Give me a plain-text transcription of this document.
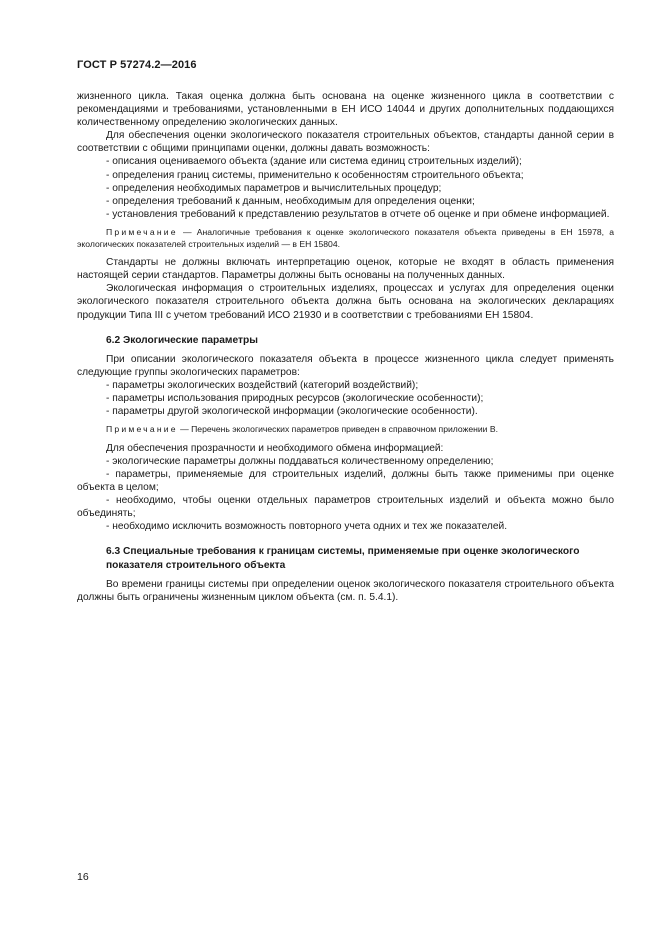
ГОСТ Р 57274.2—2016

жизненного цикла. Такая оценка должна быть основана на оценке жизненного цикла в соответствии с рекомендациями и требованиями, установленными в ЕН ИСО 14044 и других дополнительных поддающихся количественному определению экологических данных.

Для обеспечения оценки экологического показателя строительных объектов, стандарты данной серии в соответствии с общими принципами оценки, должны давать возможность:

- описания оцениваемого объекта (здание или система единиц строительных изделий);

- определения границ системы, применительно к особенностям строительного объекта;

- определения необходимых параметров и вычислительных процедур;

- определения требований к данным, необходимым для определения оценки;

- установления требований к представлению результатов в отчете об оценке и при обмене информацией.

Примечание — Аналогичные требования к оценке экологического показателя объекта приведены в ЕН 15978, а экологических показателей строительных изделий — в ЕН 15804.

Стандарты не должны включать интерпретацию оценок, которые не входят в область применения настоящей серии стандартов. Параметры должны быть основаны на полученных данных.

Экологическая информация о строительных изделиях, процессах и услугах для определения оценки экологического показателя строительного объекта должна быть основана на экологических декларациях продукции Типа III с учетом требований ИСО 21930 и в соответствии с требованиями ЕН 15804.

6.2 Экологические параметры

При описании экологического показателя объекта в процессе жизненного цикла следует применять следующие группы экологических параметров:

- параметры экологических воздействий (категорий воздействий);

- параметры использования природных ресурсов (экологические особенности);

- параметры другой экологической информации (экологические особенности).

Примечание — Перечень экологических параметров приведен в справочном приложении В.

Для обеспечения прозрачности и необходимого обмена информацией:

- экологические параметры должны поддаваться количественному определению;

- параметры, применяемые для строительных изделий, должны быть также применимы при оценке объекта в целом;

- необходимо, чтобы оценки отдельных параметров строительных изделий и объекта можно было объединять;

- необходимо исключить возможность повторного учета одних и тех же показателей.

6.3 Специальные требования к границам системы, применяемые при оценке экологического показателя строительного объекта

Во времени границы системы при определении оценок экологического показателя строительного объекта должны быть ограничены жизненным циклом объекта (см. п. 5.4.1).

16
